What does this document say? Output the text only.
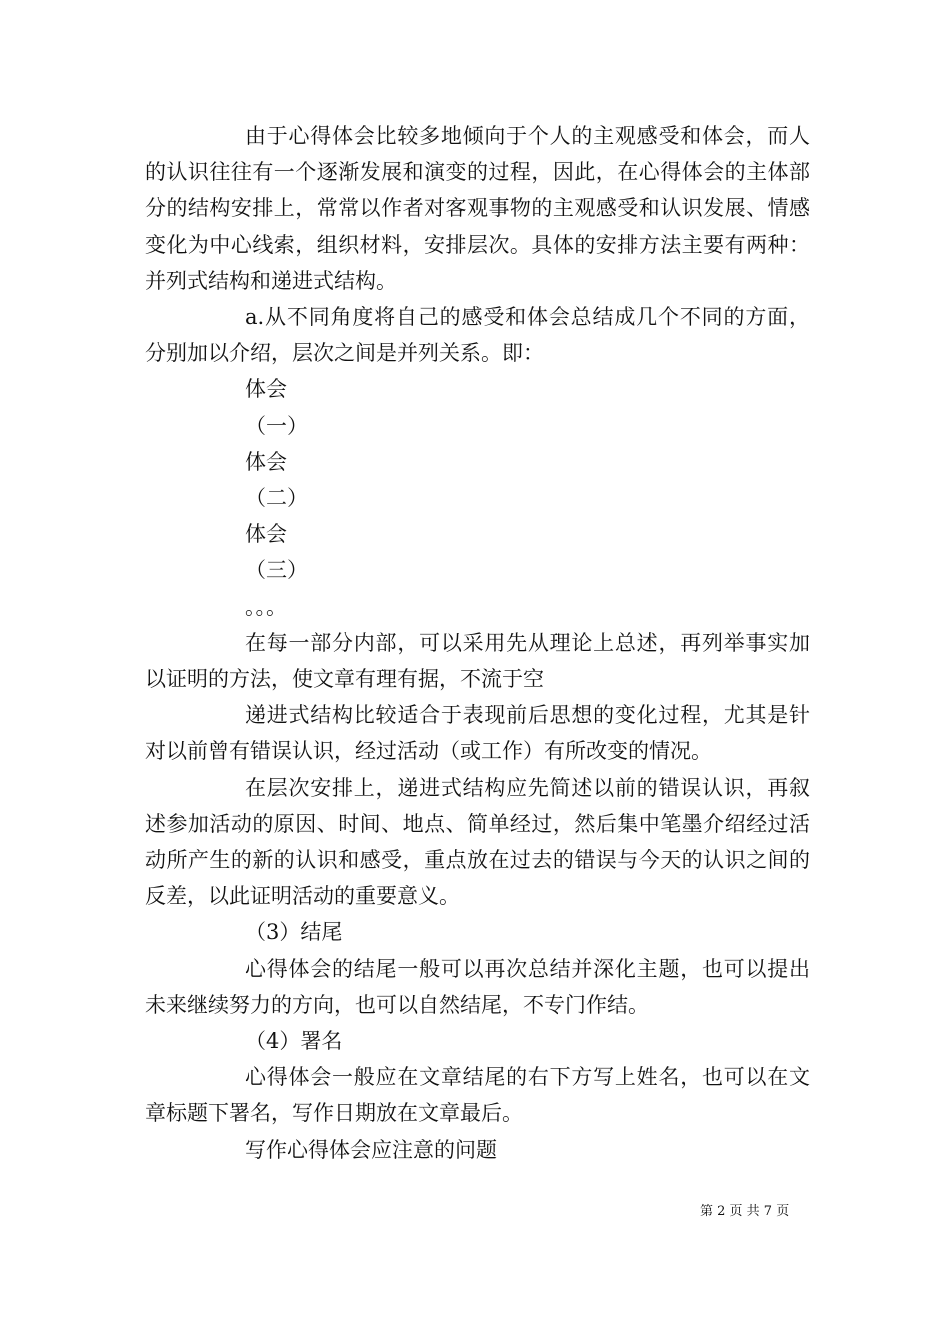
由于心得体会比较多地倾向于个人的主观感受和体会，而人的认识往往有一个逐渐发展和演变的过程，因此，在心得体会的主体部分的结构安排上，常常以作者对客观事物的主观感受和认识发展、情感变化为中心线索，组织材料，安排层次。具体的安排方法主要有两种：并列式结构和递进式结构。

a.从不同角度将自己的感受和体会总结成几个不同的方面，分别加以介绍，层次之间是并列关系。即：

体会

（一）

体会

（二）

体会

（三）

。。。

在每一部分内部，可以采用先从理论上总述，再列举事实加以证明的方法，使文章有理有据，不流于空

递进式结构比较适合于表现前后思想的变化过程，尤其是针对以前曾有错误认识，经过活动（或工作）有所改变的情况。

在层次安排上，递进式结构应先简述以前的错误认识，再叙述参加活动的原因、时间、地点、简单经过，然后集中笔墨介绍经过活动所产生的新的认识和感受，重点放在过去的错误与今天的认识之间的反差，以此证明活动的重要意义。

（3）结尾

心得体会的结尾一般可以再次总结并深化主题，也可以提出未来继续努力的方向，也可以自然结尾，不专门作结。

（4）署名

心得体会一般应在文章结尾的右下方写上姓名，也可以在文章标题下署名，写作日期放在文章最后。

写作心得体会应注意的问题

第 2 页 共 7 页
